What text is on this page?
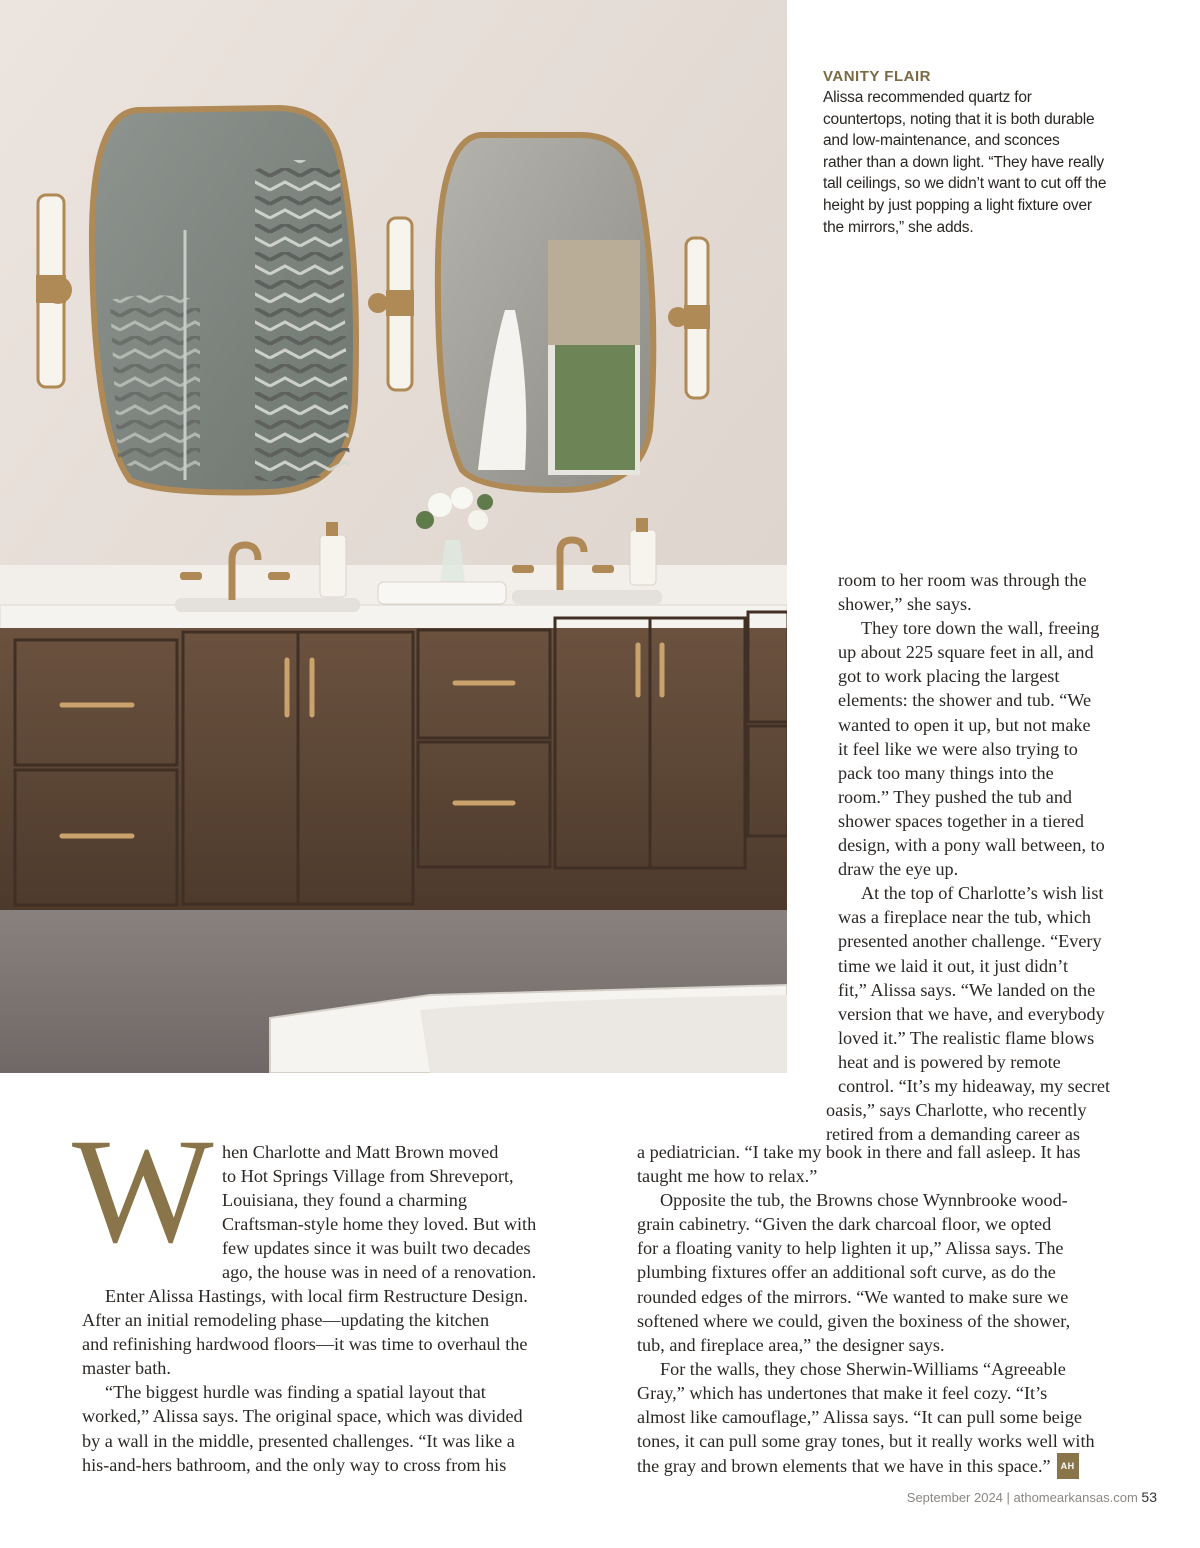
VANITY FLAIR
Alissa recommended quartz for
countertops, noting that it is both durable
and low-maintenance, and sconces
rather than a down light. “They have really
tall ceilings, so we didn’t want to cut off the
height by just popping a light fixture over
the mirrors,” she adds.
W hen Charlotte and Matt Brown moved
to Hot Springs Village from Shreveport,
Louisiana, they found a charming
Craftsman-style home they loved. But with
few updates since it was built two decades
ago, the house was in need of a renovation.
Enter Alissa Hastings, with local firm Restructure Design.
After an initial remodeling phase—updating the kitchen
and refinishing hardwood floors—it was time to overhaul the
master bath.
“The biggest hurdle was finding a spatial layout that
worked,” Alissa says. The original space, which was divided
by a wall in the middle, presented challenges. “It was like a
his-and-hers bathroom, and the only way to cross from his
room to her room was through the
shower,” she says.
They tore down the wall, freeing
up about 225 square feet in all, and
got to work placing the largest
elements: the shower and tub. “We
wanted to open it up, but not make
it feel like we were also trying to
pack too many things into the
room.” They pushed the tub and
shower spaces together in a tiered
design, with a pony wall between, to
draw the eye up.
At the top of Charlotte’s wish list
was a fireplace near the tub, which
presented another challenge. “Every
time we laid it out, it just didn’t
fit,” Alissa says. “We landed on the
version that we have, and everybody
loved it.” The realistic flame blows
heat and is powered by remote
control. “It’s my hideaway, my secret
oasis,” says Charlotte, who recently
retired from a demanding career as
a pediatrician. “I take my book in there and fall asleep. It has
taught me how to relax.”
Opposite the tub, the Browns chose Wynnbrooke wood-
grain cabinetry. “Given the dark charcoal floor, we opted
for a floating vanity to help lighten it up,” Alissa says. The
plumbing fixtures offer an additional soft curve, as do the
rounded edges of the mirrors. “We wanted to make sure we
softened where we could, given the boxiness of the shower,
tub, and fireplace area,” the designer says.
For the walls, they chose Sherwin-Williams “Agreeable
Gray,” which has undertones that make it feel cozy. “It’s
almost like camouflage,” Alissa says. “It can pull some beige
tones, it can pull some gray tones, but it really works well with
the gray and brown elements that we have in this space.” AH
September 2024 | athomearkansas.com 53
